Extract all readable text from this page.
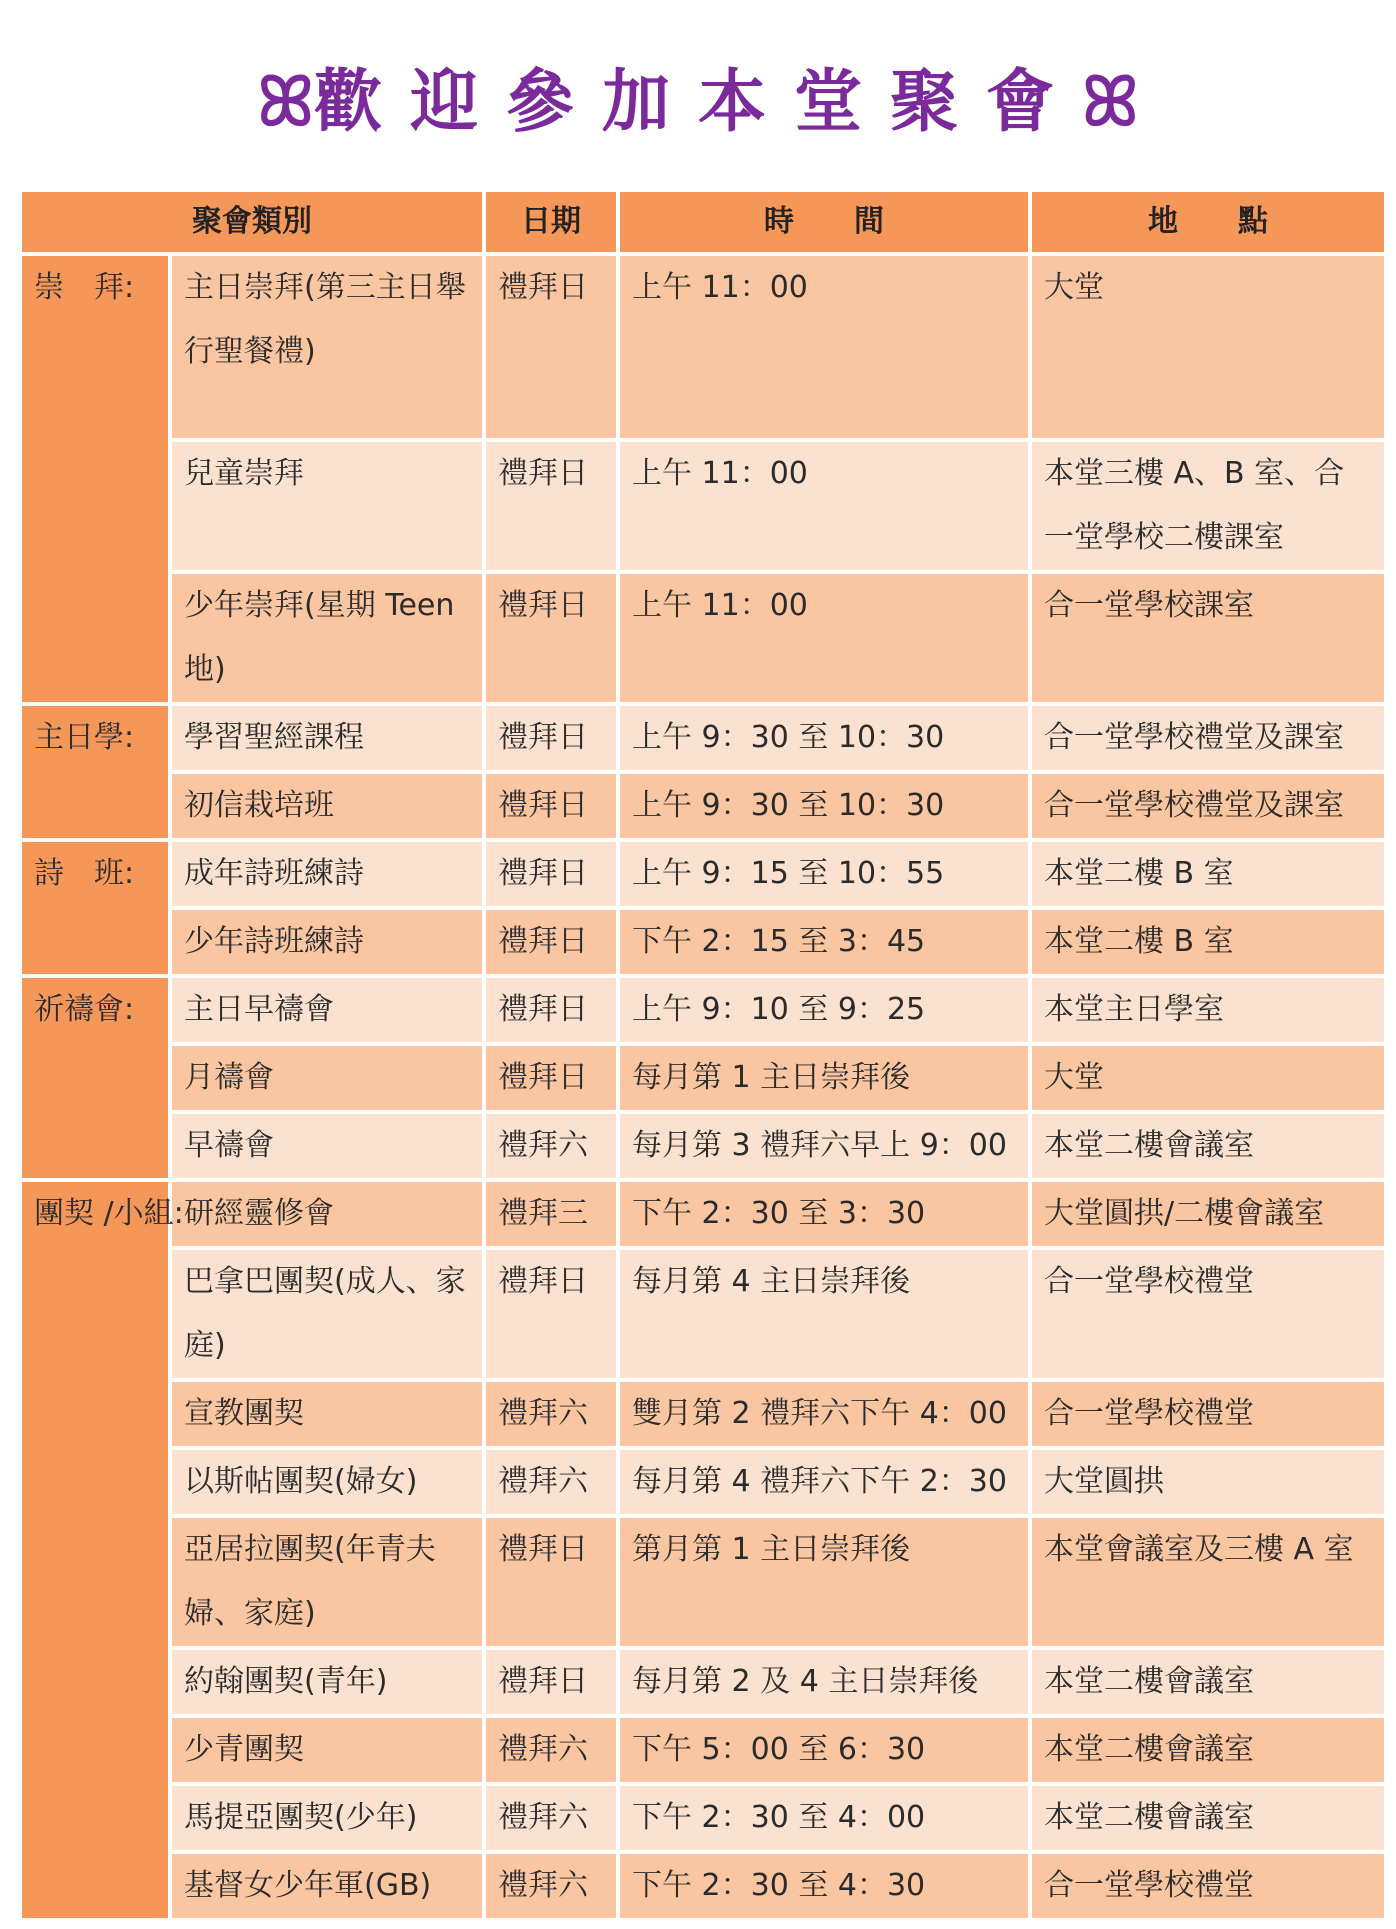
ꕤ歡迎參加本堂聚會ꕤ
聚會類別		日期	時　　間	地　　點
崇　拜:	主日崇拜(第三主日舉行聖餐禮)	禮拜日	上午 11：00	大堂
	兒童崇拜	禮拜日	上午 11：00	本堂三樓 A、B 室、合一堂學校二樓課室
	少年崇拜(星期 Teen 地)	禮拜日	上午 11：00	合一堂學校課室
主日學:	學習聖經課程	禮拜日	上午 9：30 至 10：30	合一堂學校禮堂及課室
	初信栽培班	禮拜日	上午 9：30 至 10：30	合一堂學校禮堂及課室
詩　班:	成年詩班練詩	禮拜日	上午 9：15 至 10：55	本堂二樓 B 室
	少年詩班練詩	禮拜日	下午 2：15 至 3：45	本堂二樓 B 室
祈禱會:	主日早禱會	禮拜日	上午 9：10 至 9：25	本堂主日學室
	月禱會	禮拜日	每月第 1 主日崇拜後	大堂
	早禱會	禮拜六	每月第 3 禮拜六早上 9：00	本堂二樓會議室
團契 /小組:	研經靈修會	禮拜三	下午 2：30 至 3：30	大堂圓拱/二樓會議室
	巴拿巴團契(成人、家庭)	禮拜日	每月第 4 主日崇拜後	合一堂學校禮堂
	宣教團契	禮拜六	雙月第 2 禮拜六下午 4：00	合一堂學校禮堂
	以斯帖團契(婦女)	禮拜六	每月第 4 禮拜六下午 2：30	大堂圓拱
	亞居拉團契(年青夫婦、家庭)	禮拜日	第月第 1 主日崇拜後	本堂會議室及三樓 A 室
	約翰團契(青年)	禮拜日	每月第 2 及 4 主日崇拜後	本堂二樓會議室
	少青團契	禮拜六	下午 5：00 至 6：30	本堂二樓會議室
	馬提亞團契(少年)	禮拜六	下午 2：30 至 4：00	本堂二樓會議室
	基督女少年軍(GB)	禮拜六	下午 2：30 至 4：30	合一堂學校禮堂
